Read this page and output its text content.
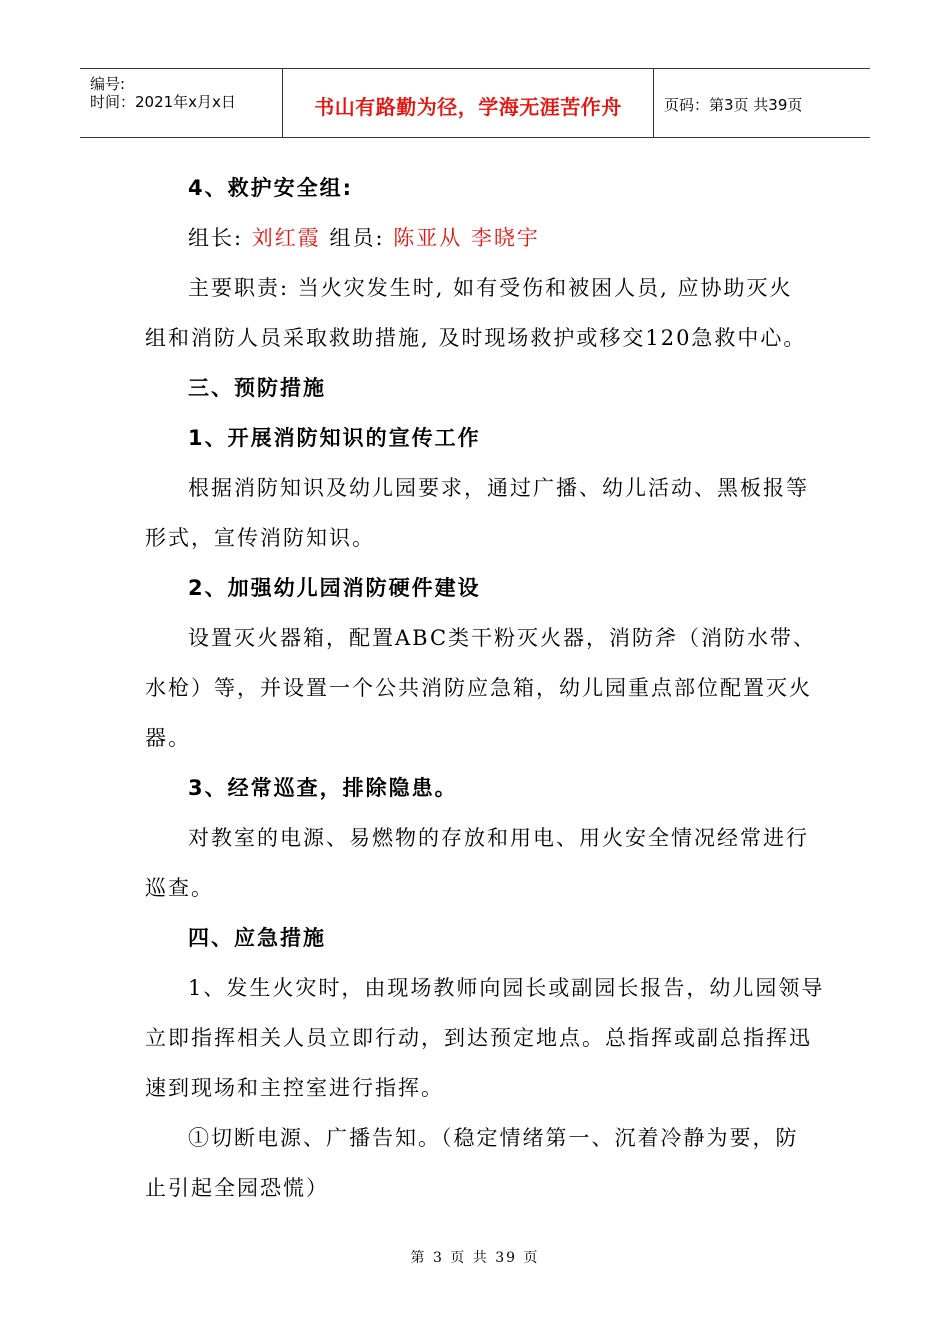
编号:
时间：2021年x月x日	书山有路勤为径，学海无涯苦作舟	页码：第3页 共39页
4、救护安全组:
组长: 刘红霞 组员: 陈亚从 李晓宇
主要职责: 当火灾发生时, 如有受伤和被困人员, 应协助灭火
组和消防人员采取救助措施, 及时现场救护或移交120急救中心。
三、预防措施
1、开展消防知识的宣传工作
根据消防知识及幼儿园要求，通过广播、幼儿活动、黑板报等
形式，宣传消防知识。
2、加强幼儿园消防硬件建设
设置灭火器箱，配置ABC类干粉灭火器，消防斧（消防水带、
水枪）等，并设置一个公共消防应急箱，幼儿园重点部位配置灭火
器。
3、经常巡查，排除隐患。
对教室的电源、易燃物的存放和用电、用火安全情况经常进行
巡查。
四、应急措施
1、发生火灾时，由现场教师向园长或副园长报告，幼儿园领导
立即指挥相关人员立即行动，到达预定地点。总指挥或副总指挥迅
速到现场和主控室进行指挥。
①切断电源、广播告知。（稳定情绪第一、沉着冷静为要，防
止引起全园恐慌）
第 3 页 共 39 页
